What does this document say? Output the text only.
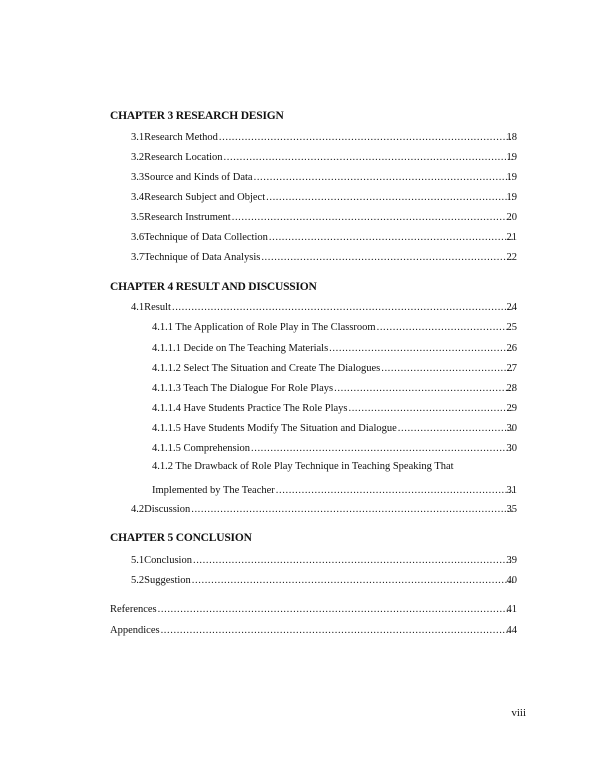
CHAPTER 3 RESEARCH DESIGN
3.1 Research Method .....	18
3.2 Research Location .....	19
3.3 Source and Kinds of Data .....	19
3.4 Research Subject and Object .....	19
3.5 Research Instrument .....	20
3.6 Technique of Data Collection .....	21
3.7 Technique of Data Analysis .....	22
CHAPTER 4 RESULT AND DISCUSSION
4.1 Result .....	24
4.1.1 The Application of Role Play in The Classroom .....	25
4.1.1.1 Decide on The Teaching Materials .....	26
4.1.1.2 Select The Situation and Create The Dialogues .....	27
4.1.1.3 Teach The Dialogue For Role Plays .....	28
4.1.1.4 Have Students Practice The Role Plays .....	29
4.1.1.5 Have Students Modify The Situation and Dialogue .....	30
4.1.1.5 Comprehension .....	30
4.1.2 The Drawback of Role Play Technique in Teaching Speaking That
Implemented by The Teacher .....	31
4.2 Discussion .....	35
CHAPTER 5 CONCLUSION
5.1 Conclusion .....	39
5.2 Suggestion .....	40
References .....	41
Appendices .....	44
viii
